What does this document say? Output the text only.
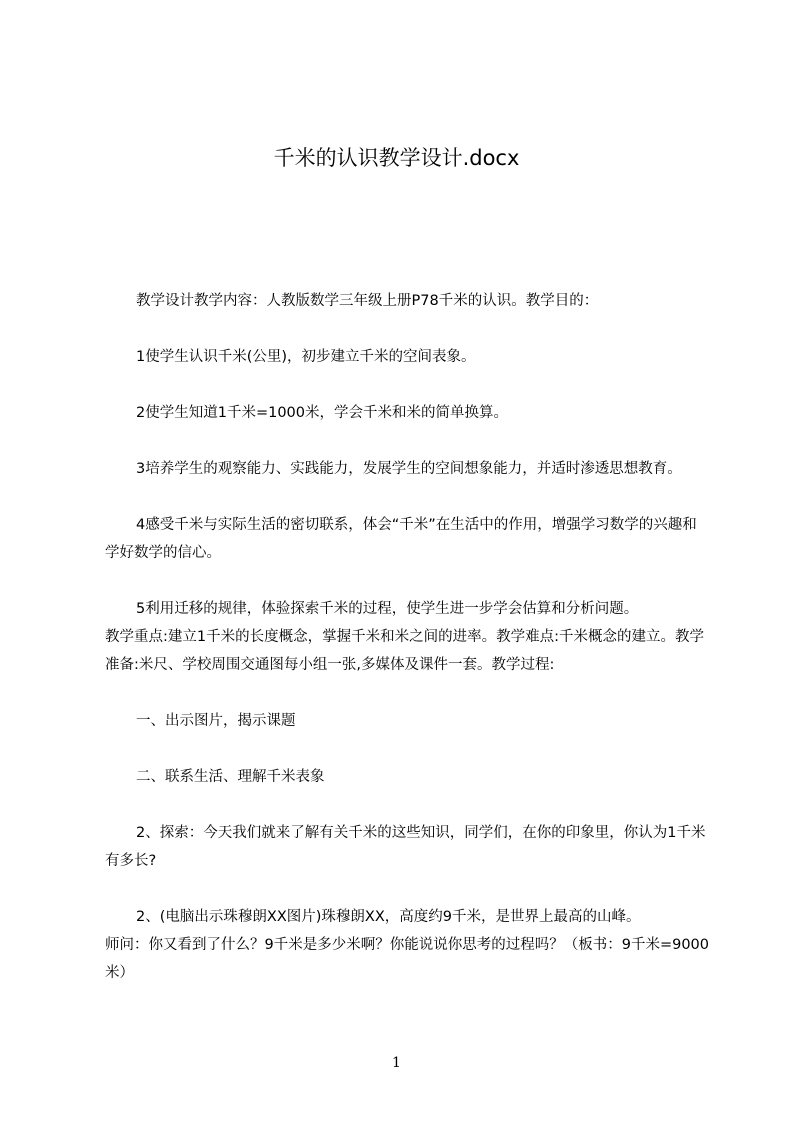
千米的认识教学设计.docx

教学设计教学内容：人教版数学三年级上册P78千米的认识。教学目的：

1使学生认识千米(公里)，初步建立千米的空间表象。

2使学生知道1千米=1000米，学会千米和米的简单换算。

3培养学生的观察能力、实践能力，发展学生的空间想象能力，并适时渗透思想教育。

4感受千米与实际生活的密切联系，体会“千米”在生活中的作用，增强学习数学的兴趣和学好数学的信心。

5利用迁移的规律，体验探索千米的过程，使学生进一步学会估算和分析问题。

教学重点:建立1千米的长度概念，掌握千米和米之间的进率。教学难点:千米概念的建立。教学准备:米尺、学校周围交通图每小组一张,多媒体及课件一套。教学过程:

一、出示图片，揭示课题

二、联系生活、理解千米表象

2、探索：今天我们就来了解有关千米的这些知识，同学们，在你的印象里，你认为1千米有多长?

2、(电脑出示珠穆朗XX图片)珠穆朗XX，高度约9千米，是世界上最高的山峰。

师问：你又看到了什么？9千米是多少米啊？你能说说你思考的过程吗？（板书：9千米=9000米）

1
